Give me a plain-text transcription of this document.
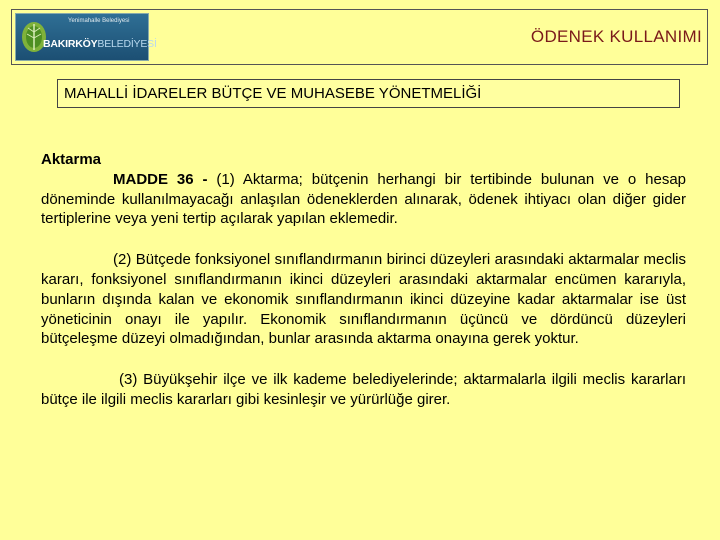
Yenimahalle Belediyesi
BAKIRKÖYBELEDİYESİ	ÖDENEK KULLANIMI
MAHALLİ İDARELER BÜTÇE VE MUHASEBE YÖNETMELİĞİ

Aktarma

MADDE 36 - (1) Aktarma; bütçenin herhangi bir tertibinde bulunan ve o hesap döneminde kullanılmayacağı anlaşılan ödeneklerden alınarak, ödenek ihtiyacı olan diğer gider tertiplerine veya yeni tertip açılarak yapılan eklemedir.

(2) Bütçede fonksiyonel sınıflandırmanın birinci düzeyleri arasındaki aktarmalar meclis kararı, fonksiyonel sınıflandırmanın ikinci düzeyleri arasındaki aktarmalar encümen kararıyla, bunların dışında kalan ve ekonomik sınıflandırmanın ikinci düzeyine kadar aktarmalar ise üst yöneticinin onayı ile yapılır. Ekonomik sınıflandırmanın üçüncü ve dördüncü düzeyleri bütçeleşme düzeyi olmadığından, bunlar arasında aktarma onayına gerek yoktur.

(3) Büyükşehir ilçe ve ilk kademe belediyelerinde; aktarmalarla ilgili meclis kararları bütçe ile ilgili meclis kararları gibi kesinleşir ve yürürlüğe girer.
